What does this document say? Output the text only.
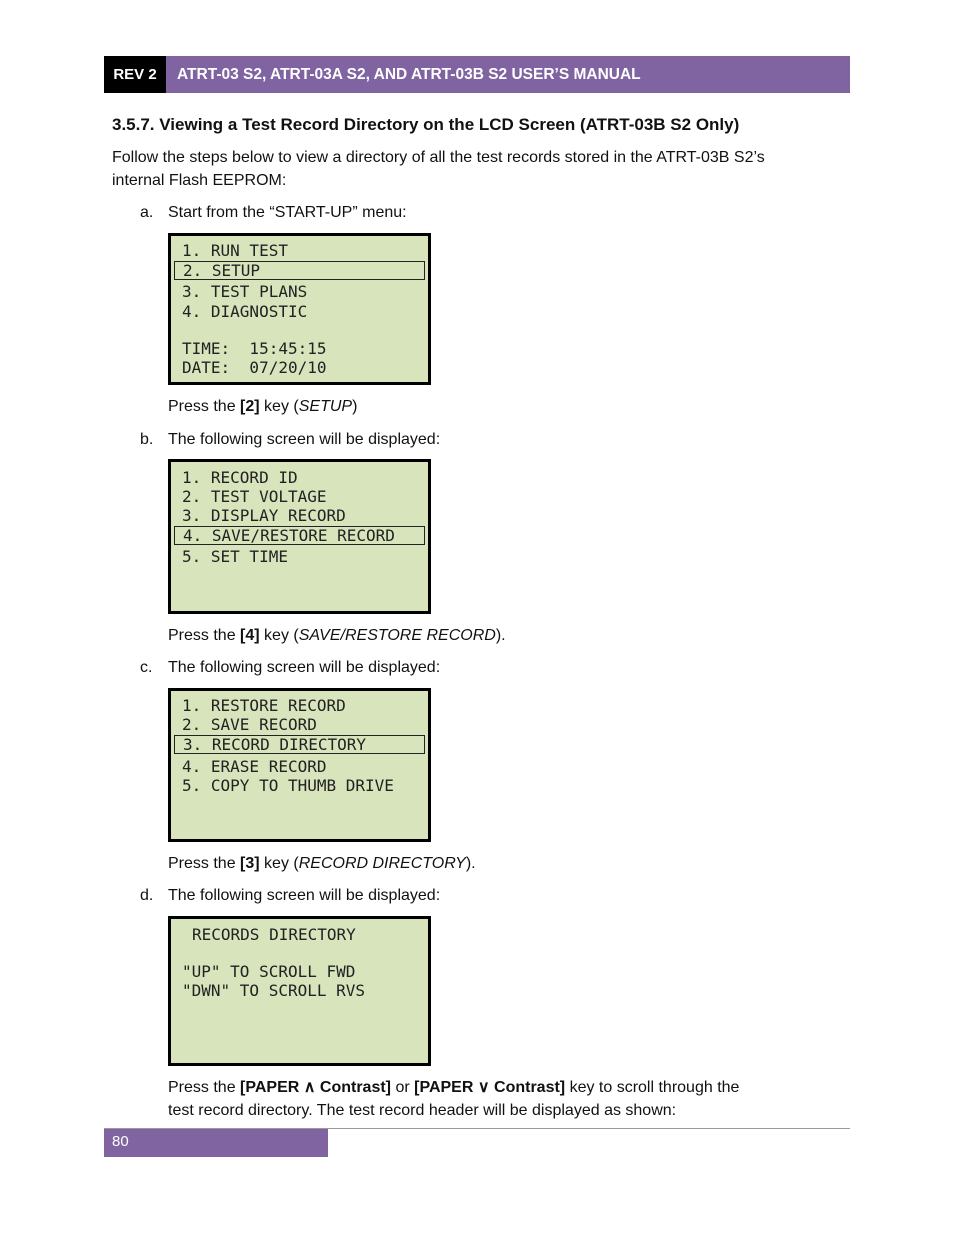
REV 2	ATRT-03 S2, ATRT-03A S2, AND ATRT-03B S2 USER’S MANUAL
3.5.7. Viewing a Test Record Directory on the LCD Screen (ATRT-03B S2 Only)
Follow the steps below to view a directory of all the test records stored in the ATRT-03B S2’s
internal Flash EEPROM:
a. Start from the “START-UP” menu:
1. RUN TEST
2. SETUP
3. TEST PLANS
4. DIAGNOSTIC
TIME:  15:45:15
DATE:  07/20/10
Press the [2] key (SETUP)
b. The following screen will be displayed:
1. RECORD ID
2. TEST VOLTAGE
3. DISPLAY RECORD
4. SAVE/RESTORE RECORD
5. SET TIME
Press the [4] key (SAVE/RESTORE RECORD).
c. The following screen will be displayed:
1. RESTORE RECORD
2. SAVE RECORD
3. RECORD DIRECTORY
4. ERASE RECORD
5. COPY TO THUMB DRIVE
Press the [3] key (RECORD DIRECTORY).
d. The following screen will be displayed:
RECORDS DIRECTORY
"UP" TO SCROLL FWD
"DWN" TO SCROLL RVS
Press the [PAPER ∧ Contrast] or [PAPER ∨ Contrast] key to scroll through the
test record directory. The test record header will be displayed as shown:
80
